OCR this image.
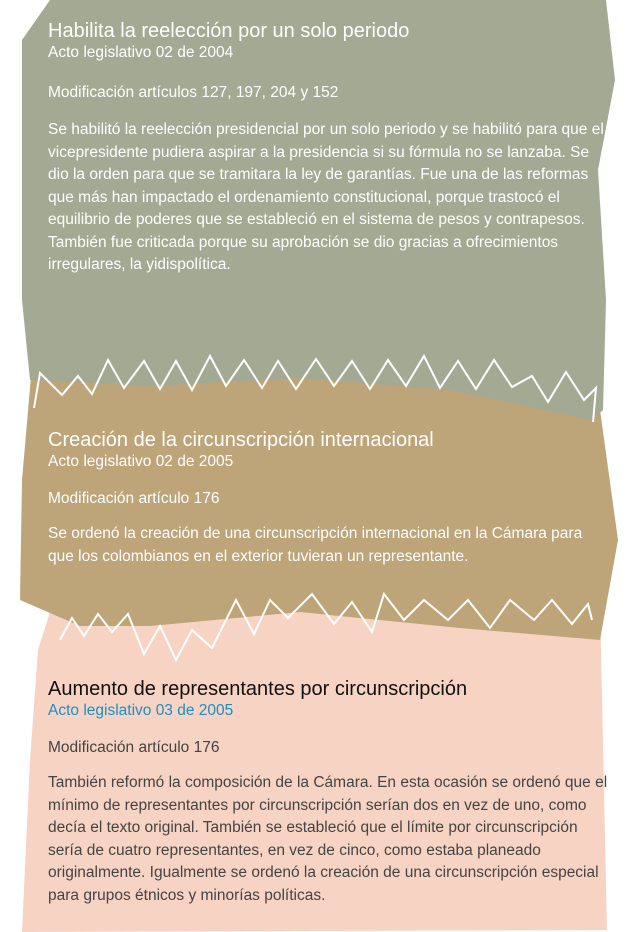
Habilita la reelección por un solo periodo

Acto legislativo 02 de 2004

Modificación artículos 127, 197, 204 y 152

Se habilitó la reelección presidencial por un solo periodo y se habilitó para que el vicepresidente pudiera aspirar a la presidencia si su fórmula no se lanzaba. Se dio la orden para que se tramitara la ley de garantías. Fue una de las reformas que más han impactado el ordenamiento constitucional, porque trastocó el equilibrio de poderes que se estableció en el sistema de pesos y contrapesos. También fue criticada porque su aprobación se dio gracias a ofrecimientos irregulares, la yidispolítica.

Creación de la circunscripción internacional

Acto legislativo 02 de 2005

Modificación artículo 176

Se ordenó la creación de una circunscripción internacional en la Cámara para que los colombianos en el exterior tuvieran un representante.

Aumento de representantes por circunscripción

Acto legislativo 03 de 2005

Modificación artículo 176

También reformó la composición de la Cámara. En esta ocasión se ordenó que el mínimo de representantes por circunscripción serían dos en vez de uno, como decía el texto original. También se estableció que el límite por circunscripción sería de cuatro representantes, en vez de cinco, como estaba planeado originalmente. Igualmente se ordenó la creación de una circunscripción especial para grupos étnicos y minorías políticas.
